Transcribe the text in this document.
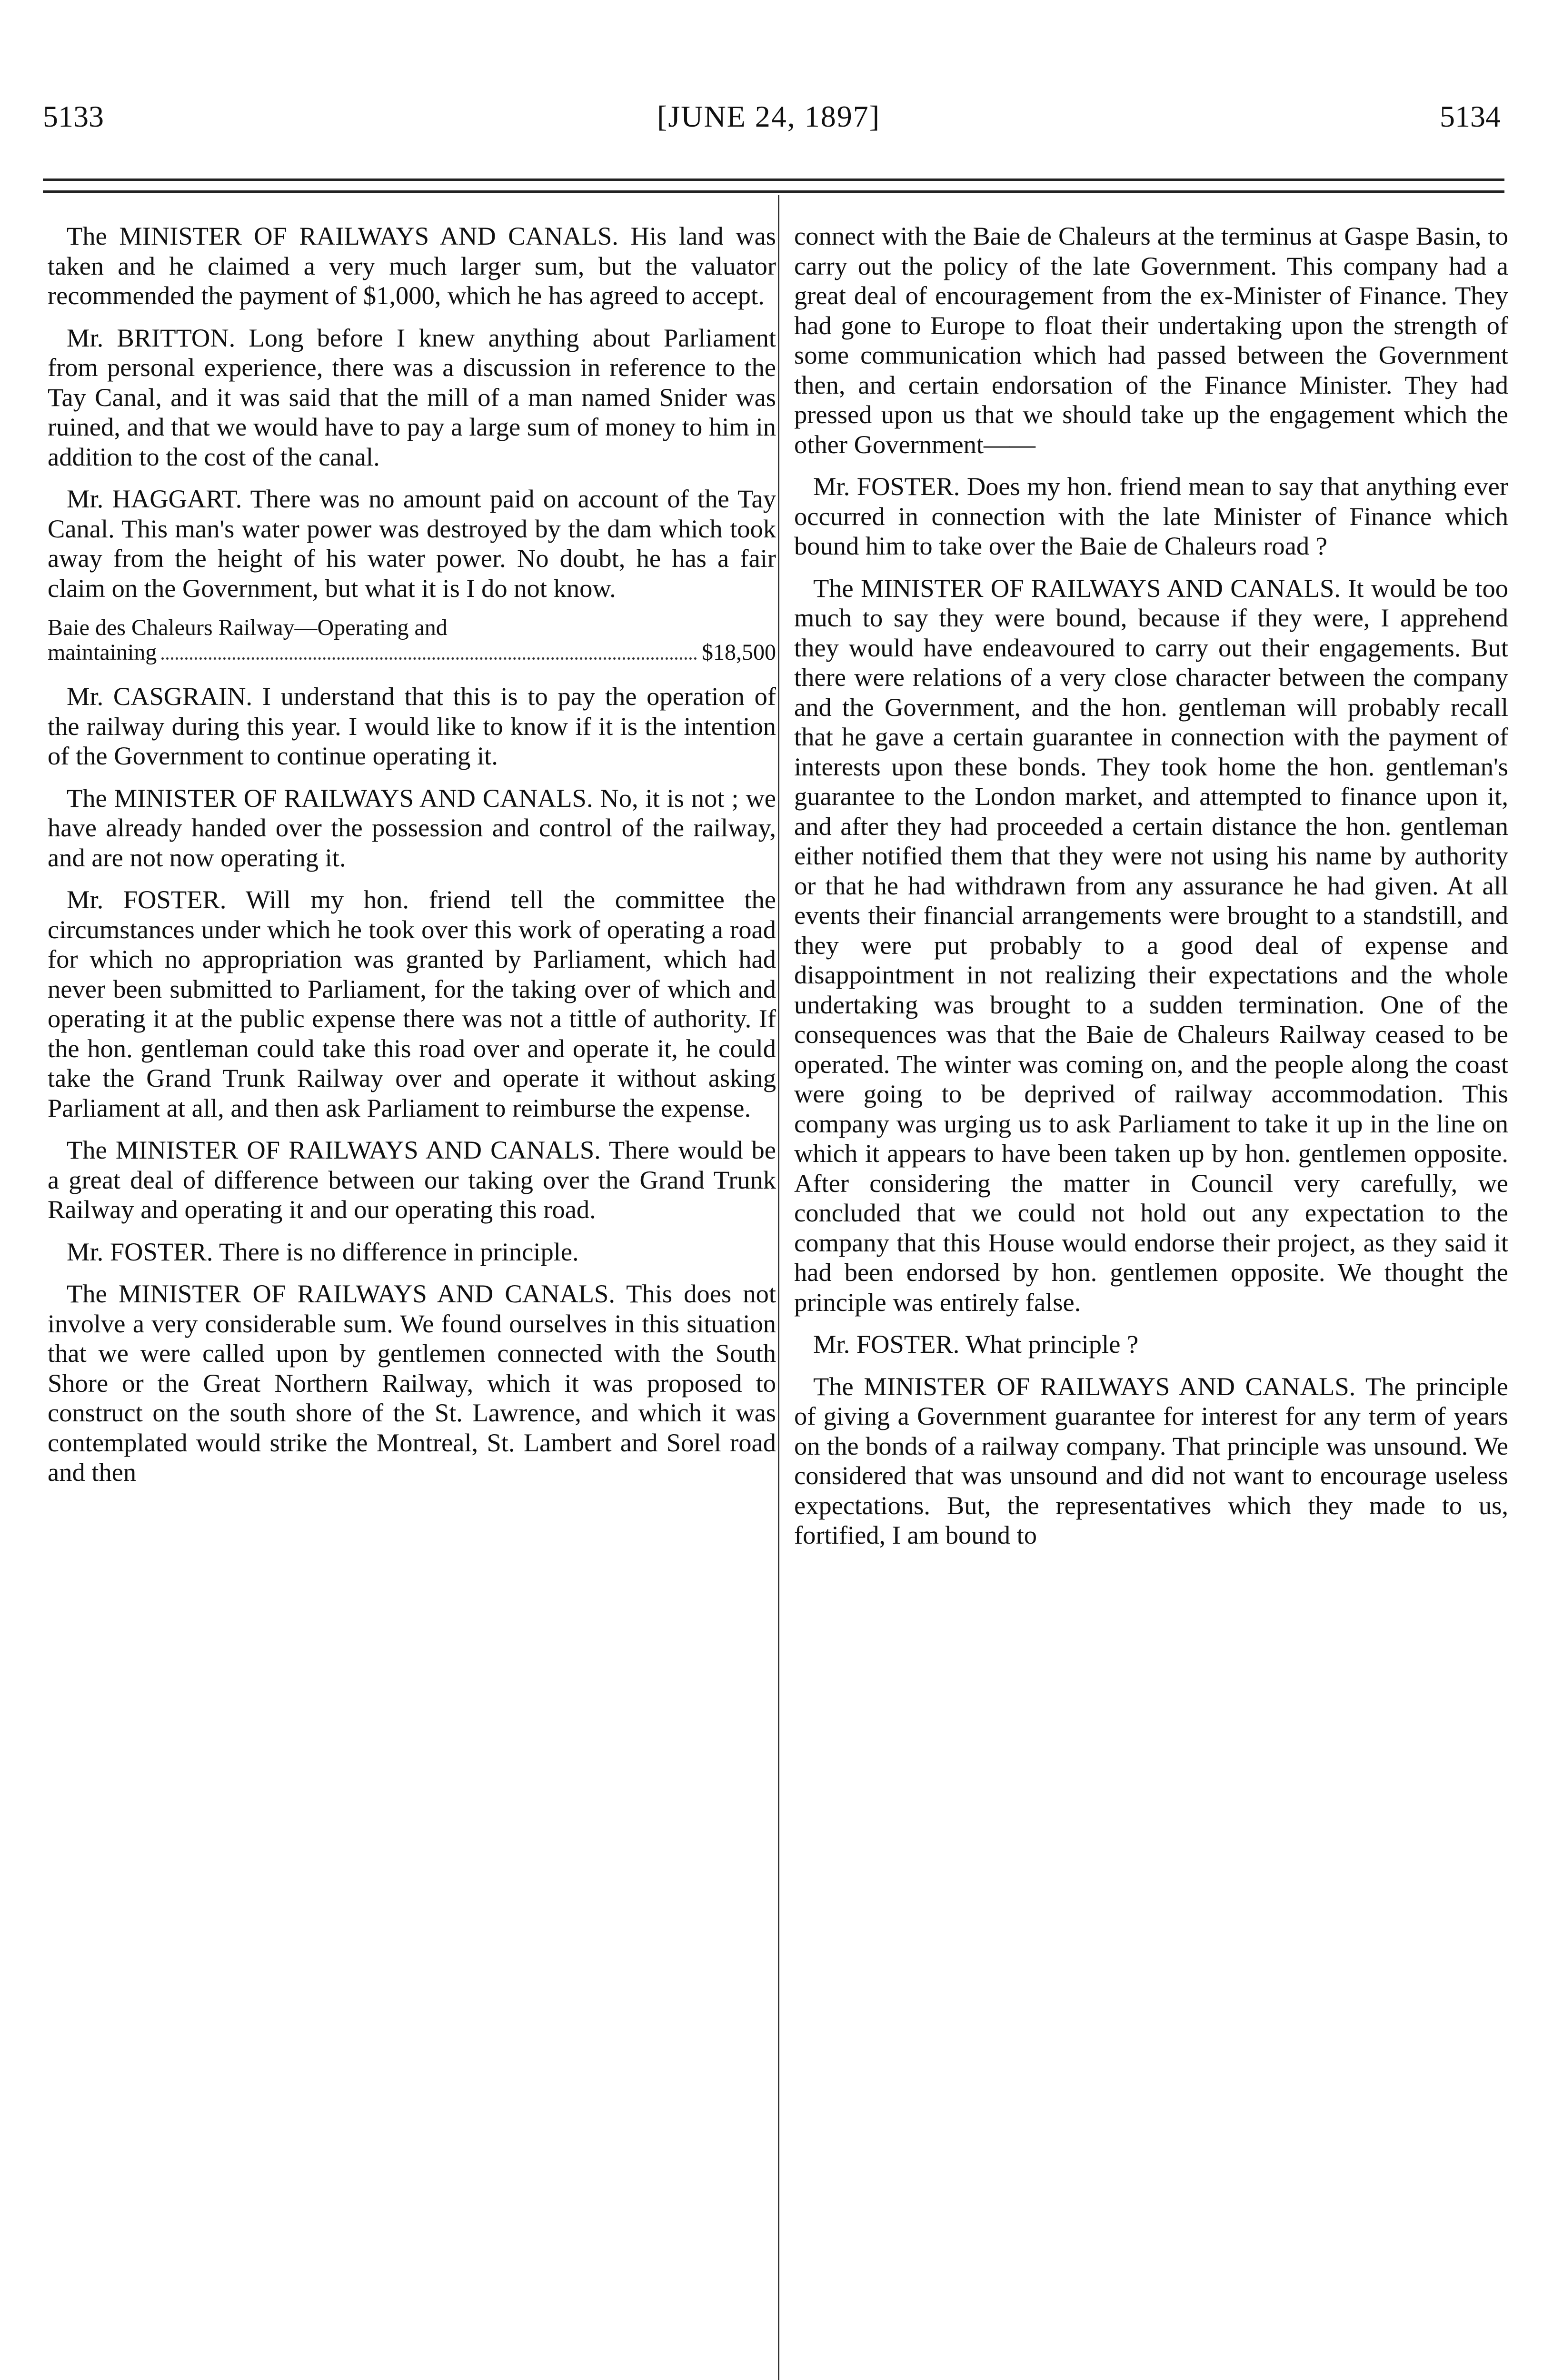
5133	[JUNE 24, 1897]	5134

The MINISTER OF RAILWAYS AND CANALS. His land was taken and he claimed a very much larger sum, but the valuator recommended the payment of $1,000, which he has agreed to accept.

Mr. BRITTON. Long before I knew anything about Parliament from personal experience, there was a discussion in reference to the Tay Canal, and it was said that the mill of a man named Snider was ruined, and that we would have to pay a large sum of money to him in addition to the cost of the canal.

Mr. HAGGART. There was no amount paid on account of the Tay Canal. This man's water power was destroyed by the dam which took away from the height of his water power. No doubt, he has a fair claim on the Government, but what it is I do not know.

Baie des Chaleurs Railway—Operating and
maintaining	$18,500

Mr. CASGRAIN. I understand that this is to pay the operation of the railway during this year. I would like to know if it is the intention of the Government to continue operating it.

The MINISTER OF RAILWAYS AND CANALS. No, it is not ; we have already handed over the possession and control of the railway, and are not now operating it.

Mr. FOSTER. Will my hon. friend tell the committee the circumstances under which he took over this work of operating a road for which no appropriation was granted by Parliament, which had never been submitted to Parliament, for the taking over of which and operating it at the public expense there was not a tittle of authority. If the hon. gentleman could take this road over and operate it, he could take the Grand Trunk Railway over and operate it without asking Parliament at all, and then ask Parliament to reimburse the expense.

The MINISTER OF RAILWAYS AND CANALS. There would be a great deal of difference between our taking over the Grand Trunk Railway and operating it and our operating this road.

Mr. FOSTER. There is no difference in principle.

The MINISTER OF RAILWAYS AND CANALS. This does not involve a very considerable sum. We found ourselves in this situation that we were called upon by gentlemen connected with the South Shore or the Great Northern Railway, which it was proposed to construct on the south shore of the St. Lawrence, and which it was contemplated would strike the Montreal, St. Lambert and Sorel road and then

connect with the Baie de Chaleurs at the terminus at Gaspe Basin, to carry out the policy of the late Government. This company had a great deal of encouragement from the ex-Minister of Finance. They had gone to Europe to float their undertaking upon the strength of some communication which had passed between the Government then, and certain endorsation of the Finance Minister. They had pressed upon us that we should take up the engagement which the other Government——

Mr. FOSTER. Does my hon. friend mean to say that anything ever occurred in connection with the late Minister of Finance which bound him to take over the Baie de Chaleurs road ?

The MINISTER OF RAILWAYS AND CANALS. It would be too much to say they were bound, because if they were, I apprehend they would have endeavoured to carry out their engagements. But there were relations of a very close character between the company and the Government, and the hon. gentleman will probably recall that he gave a certain guarantee in connection with the payment of interests upon these bonds. They took home the hon. gentleman's guarantee to the London market, and attempted to finance upon it, and after they had proceeded a certain distance the hon. gentleman either notified them that they were not using his name by authority or that he had withdrawn from any assurance he had given. At all events their financial arrangements were brought to a standstill, and they were put probably to a good deal of expense and disappointment in not realizing their expectations and the whole undertaking was brought to a sudden termination. One of the consequences was that the Baie de Chaleurs Railway ceased to be operated. The winter was coming on, and the people along the coast were going to be deprived of railway accommodation. This company was urging us to ask Parliament to take it up in the line on which it appears to have been taken up by hon. gentlemen opposite. After considering the matter in Council very carefully, we concluded that we could not hold out any expectation to the company that this House would endorse their project, as they said it had been endorsed by hon. gentlemen opposite. We thought the principle was entirely false.

Mr. FOSTER. What principle ?

The MINISTER OF RAILWAYS AND CANALS. The principle of giving a Government guarantee for interest for any term of years on the bonds of a railway company. That principle was unsound. We considered that was unsound and did not want to encourage useless expectations. But, the representatives which they made to us, fortified, I am bound to
